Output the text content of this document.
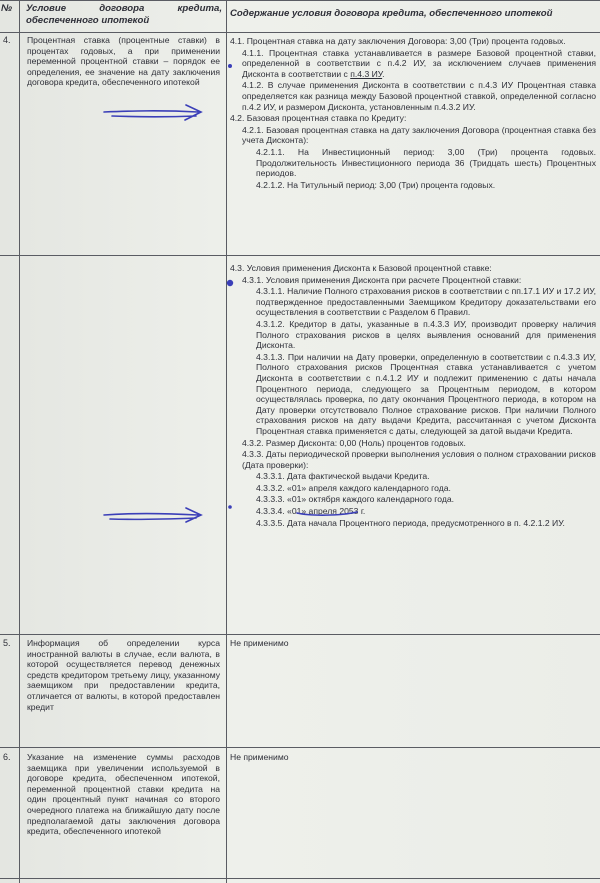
№	Условие договора кредита, обеспеченного ипотекой
Содержание условия договора кредита, обеспеченного ипотекой
4. Процентная ставка (процентные ставки) в процентах годовых, а при применении переменной процентной ставки – порядок ее определения, ее значение на дату заключения договора кредита, обеспеченного ипотекой

4.1. Процентная ставка на дату заключения Договора: 3,00 (Три) процента годовых.

4.1.1. Процентная ставка устанавливается в размере Базовой процентной ставки, определенной в соответствии с п.4.2 ИУ, за исключением случаев применения Дисконта в соответствии с п.4.3 ИУ.

4.1.2. В случае применения Дисконта в соответствии с п.4.3 ИУ Процентная ставка определяется как разница между Базовой процентной ставкой, определенной согласно п.4.2 ИУ, и размером Дисконта, установленным п.4.3.2 ИУ.

4.2. Базовая процентная ставка по Кредиту:

4.2.1. Базовая процентная ставка на дату заключения Договора (процентная ставка без учета Дисконта):

4.2.1.1. На Инвестиционный период: 3,00 (Три) процента годовых. Продолжительность Инвестиционного периода 36 (Тридцать шесть) Процентных периодов.

4.2.1.2. На Титульный период: 3,00 (Три) процента годовых.

4.3. Условия применения Дисконта к Базовой процентной ставке:

4.3.1. Условия применения Дисконта при расчете Процентной ставки:

4.3.1.1. Наличие Полного страхования рисков в соответствии с пп.17.1 ИУ и 17.2 ИУ, подтвержденное предоставленными Заемщиком Кредитору доказательствами его осуществления в соответствии с Разделом 6 Правил.

4.3.1.2. Кредитор в даты, указанные в п.4.3.3 ИУ, производит проверку наличия Полного страхования рисков в целях выявления оснований для применения Дисконта.

4.3.1.3. При наличии на Дату проверки, определенную в соответствии с п.4.3.3 ИУ, Полного страхования рисков Процентная ставка устанавливается с учетом Дисконта в соответствии с п.4.1.2 ИУ и подлежит применению с даты начала Процентного периода, следующего за Процентным периодом, в котором осуществлялась проверка, по дату окончания Процентного периода, в котором на Дату проверки отсутствовало Полное страхование рисков. При наличии Полного страхования рисков на дату выдачи Кредита, рассчитанная с учетом Дисконта Процентная ставка применяется с даты, следующей за датой выдачи Кредита.

4.3.2. Размер Дисконта: 0,00 (Ноль) процентов годовых.

4.3.3. Даты периодической проверки выполнения условия о полном страховании рисков (Дата проверки):

4.3.3.1. Дата фактической выдачи Кредита.

4.3.3.2. «01» апреля каждого календарного года.

4.3.3.3. «01» октября каждого календарного года.

4.3.3.4. «01» апреля 2053 г.

4.3.3.5. Дата начала Процентного периода, предусмотренного в п. 4.2.1.2 ИУ.

5. Информация об определении курса иностранной валюты в случае, если валюта, в которой осуществляется перевод денежных средств кредитором третьему лицу, указанному заемщиком при предоставлении кредита, отличается от валюты, в которой предоставлен кредит
Не применимо
6. Указание на изменение суммы расходов заемщика при увеличении используемой в договоре кредита, обеспеченном ипотекой, переменной процентной ставки кредита на один процентный пункт начиная со второго очередного платежа на ближайшую дату после предполагаемой даты заключения договора кредита, обеспеченного ипотекой
Не применимо
